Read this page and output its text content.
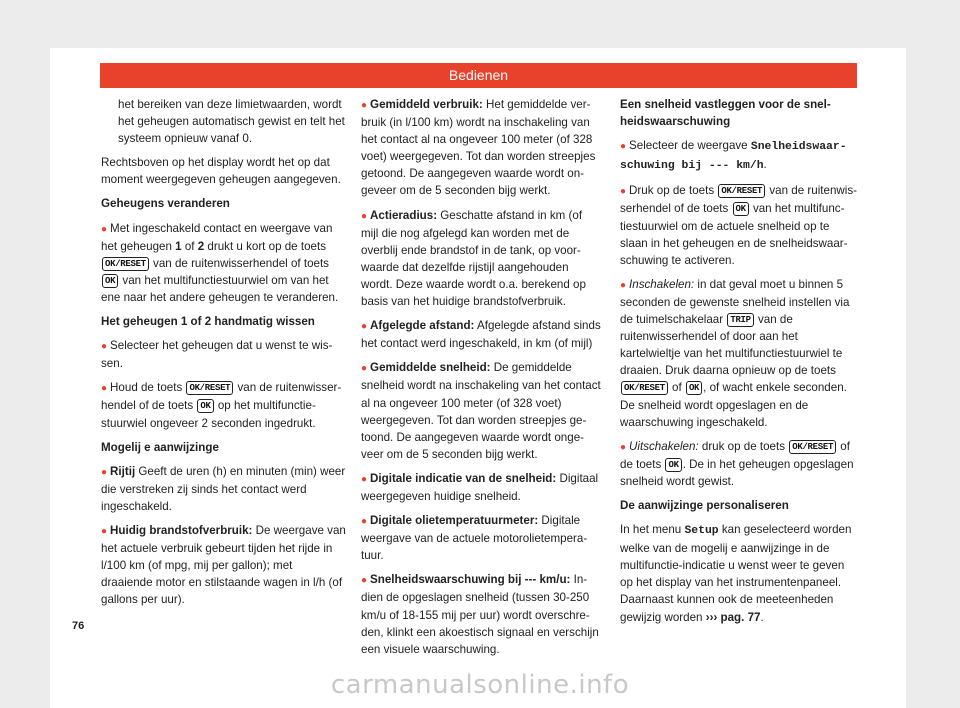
Bedienen

het bereiken van deze limietwaarden, wordt het geheugen automatisch gewist en telt het systeem opnieuw vanaf 0.

Rechtsboven op het display wordt het op dat moment weergegeven geheugen aangegeven.

Geheugens veranderen

● Met ingeschakeld contact en weergave van het geheugen 1 of 2 drukt u kort op de toets OK/RESET van de ruitenwisserhendel of toets OK van het multifunctiestuurwiel om van het ene naar het andere geheugen te veranderen.

Het geheugen 1 of 2 handmatig wissen

● Selecteer het geheugen dat u wenst te wissen.

● Houd de toets OK/RESET van de ruitenwisserhendel of de toets OK op het multifunctiestuurwiel ongeveer 2 seconden ingedrukt.

Mogelij e aanwijzinge

● Rijtij Geeft de uren (h) en minuten (min) weer die verstreken zij sinds het contact werd ingeschakeld.

● Huidig brandstofverbruik: De weergave van het actuele verbruik gebeurt tijden het rijde in l/100 km (of mpg, mij per gallon); met draaiende motor en stilstaande wagen in l/h (of gallons per uur).

● Gemiddeld verbruik: Het gemiddelde verbruik (in l/100 km) wordt na inschakeling van het contact al na ongeveer 100 meter (of 328 voet) weergegeven. Tot dan worden streepjes getoond. De aangegeven waarde wordt ongeveer om de 5 seconden bijg werkt.

● Actieradius: Geschatte afstand in km (of mijl die nog afgelegd kan worden met de overblij ende brandstof in de tank, op voorwaarde dat dezelfde rijstijl aangehouden wordt. Deze waarde wordt o.a. berekend op basis van het huidige brandstofverbruik.

● Afgelegde afstand: Afgelegde afstand sinds het contact werd ingeschakeld, in km (of mijl)

● Gemiddelde snelheid: De gemiddelde snelheid wordt na inschakeling van het contact al na ongeveer 100 meter (of 328 voet) weergegeven. Tot dan worden streepjes getoond. De aangegeven waarde wordt ongeveer om de 5 seconden bijg werkt.

● Digitale indicatie van de snelheid: Digitaal weergegeven huidige snelheid.

● Digitale olietemperatuurmeter: Digitale weergave van de actuele motorolietemperatuur.

● Snelheidswaarschuwing bij --- km/u: Indien de opgeslagen snelheid (tussen 30-250 km/u of 18-155 mij per uur) wordt overschreden, klinkt een akoestisch signaal en verschijn een visuele waarschuwing.

Een snelheid vastleggen voor de snelheidswaarschuwing

● Selecteer de weergave Snelheidswaarschuwing bij --- km/h.

● Druk op de toets OK/RESET van de ruitenwisserhendel of de toets OK van het multifunctiestuurwiel om de actuele snelheid op te slaan in het geheugen en de snelheidswaarschuwing te activeren.

● Inschakelen: in dat geval moet u binnen 5 seconden de gewenste snelheid instellen via de tuimelschakelaar TRIP van de ruitenwisserhendel of door aan het kartelwieltje van het multifunctiestuurwiel te draaien. Druk daarna opnieuw op de toets OK/RESET of OK , of wacht enkele seconden. De snelheid wordt opgeslagen en de waarschuwing ingeschakeld.

● Uitschakelen: druk op de toets OK/RESET of de toets OK . De in het geheugen opgeslagen snelheid wordt gewist.

De aanwijzinge personaliseren

In het menu Setup kan geselecteerd worden welke van de mogelij e aanwijzinge in de multifunctie-indicatie u wenst weer te geven op het display van het instrumentenpaneel. Daarnaast kunnen ook de meeteenheden gewijzig worden ››› pag. 77.

76
carmanualsonline.info
